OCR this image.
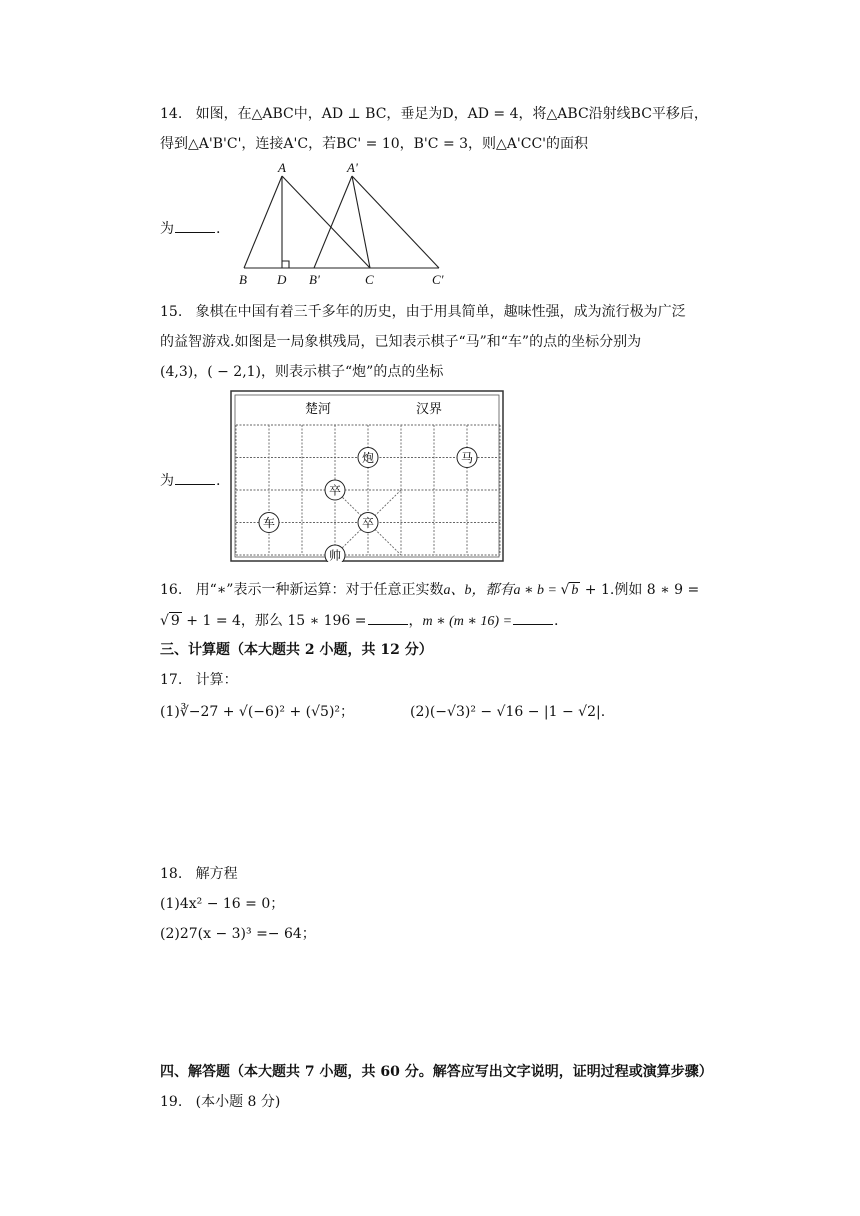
14. 如图，在△ABC中，AD ⊥ BC，垂足为D，AD = 4，将△ABC沿射线BC平移后，
得到△A'B'C'，连接A'C，若BC' = 10，B'C = 3，则△A'CC'的面积
为	.
A	A'
B D B'	C	C'
15. 象棋在中国有着三千多年的历史，由于用具简单，趣味性强，成为流行极为广泛
的益智游戏.如图是一局象棋残局，已知表示棋子“马”和“车”的点的坐标分别为
(4,3)，( − 2,1)，则表示棋子“炮”的点的坐标
为	.
楚河	汉界
炮	马
卒
车	卒
帅
16. 用“∗”表示一种新运算：对于任意正实数a、b，都有a ∗ b = √ b + 1.例如 8 ∗ 9 =
√ 9 + 1 = 4，那么 15 ∗ 196 =	，m ∗ (m ∗ 16) =	.
三、计算题（本大题共 2 小题，共 12 分）
17. 计算：
(1)∛−27 + √(−6)² + (√5)²；	(2)(−√3)² − √16 − |1 − √2|.
18. 解方程
(1)4x² − 16 = 0；
(2)27(x − 3)³ =− 64；
四、解答题（本大题共 7 小题，共 60 分。解答应写出文字说明，证明过程或演算步骤）
19. (本小题 8 分)
